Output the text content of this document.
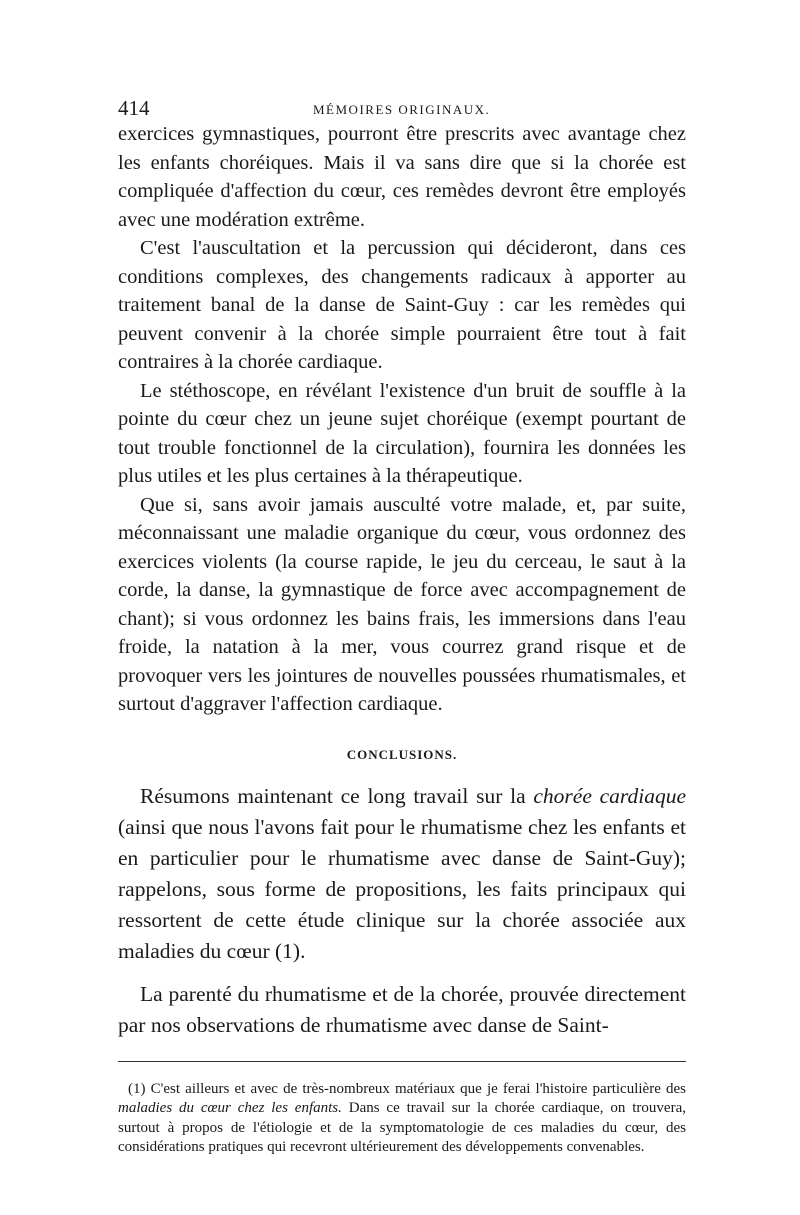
414	MÉMOIRES ORIGINAUX.

exercices gymnastiques, pourront être prescrits avec avantage chez les enfants choréiques. Mais il va sans dire que si la chorée est compliquée d'affection du cœur, ces remèdes devront être employés avec une modération extrême.

C'est l'auscultation et la percussion qui décideront, dans ces conditions complexes, des changements radicaux à apporter au traitement banal de la danse de Saint-Guy : car les remèdes qui peuvent convenir à la chorée simple pourraient être tout à fait contraires à la chorée cardiaque.

Le stéthoscope, en révélant l'existence d'un bruit de souffle à la pointe du cœur chez un jeune sujet choréique (exempt pourtant de tout trouble fonctionnel de la circulation), fournira les données les plus utiles et les plus certaines à la thérapeutique.

Que si, sans avoir jamais ausculté votre malade, et, par suite, méconnaissant une maladie organique du cœur, vous ordonnez des exercices violents (la course rapide, le jeu du cerceau, le saut à la corde, la danse, la gymnastique de force avec accompagnement de chant); si vous ordonnez les bains frais, les immersions dans l'eau froide, la natation à la mer, vous courrez grand risque et de provoquer vers les jointures de nouvelles poussées rhumatismales, et surtout d'aggraver l'affection cardiaque.

CONCLUSIONS.

Résumons maintenant ce long travail sur la chorée cardiaque (ainsi que nous l'avons fait pour le rhumatisme chez les enfants et en particulier pour le rhumatisme avec danse de Saint-Guy); rappelons, sous forme de propositions, les faits principaux qui ressortent de cette étude clinique sur la chorée associée aux maladies du cœur (1).

La parenté du rhumatisme et de la chorée, prouvée directement par nos observations de rhumatisme avec danse de Saint-

(1) C'est ailleurs et avec de très-nombreux matériaux que je ferai l'histoire particulière des maladies du cœur chez les enfants. Dans ce travail sur la chorée cardiaque, on trouvera, surtout à propos de l'étiologie et de la symptomatologie de ces maladies du cœur, des considérations pratiques qui recevront ultérieurement des développements convenables.
